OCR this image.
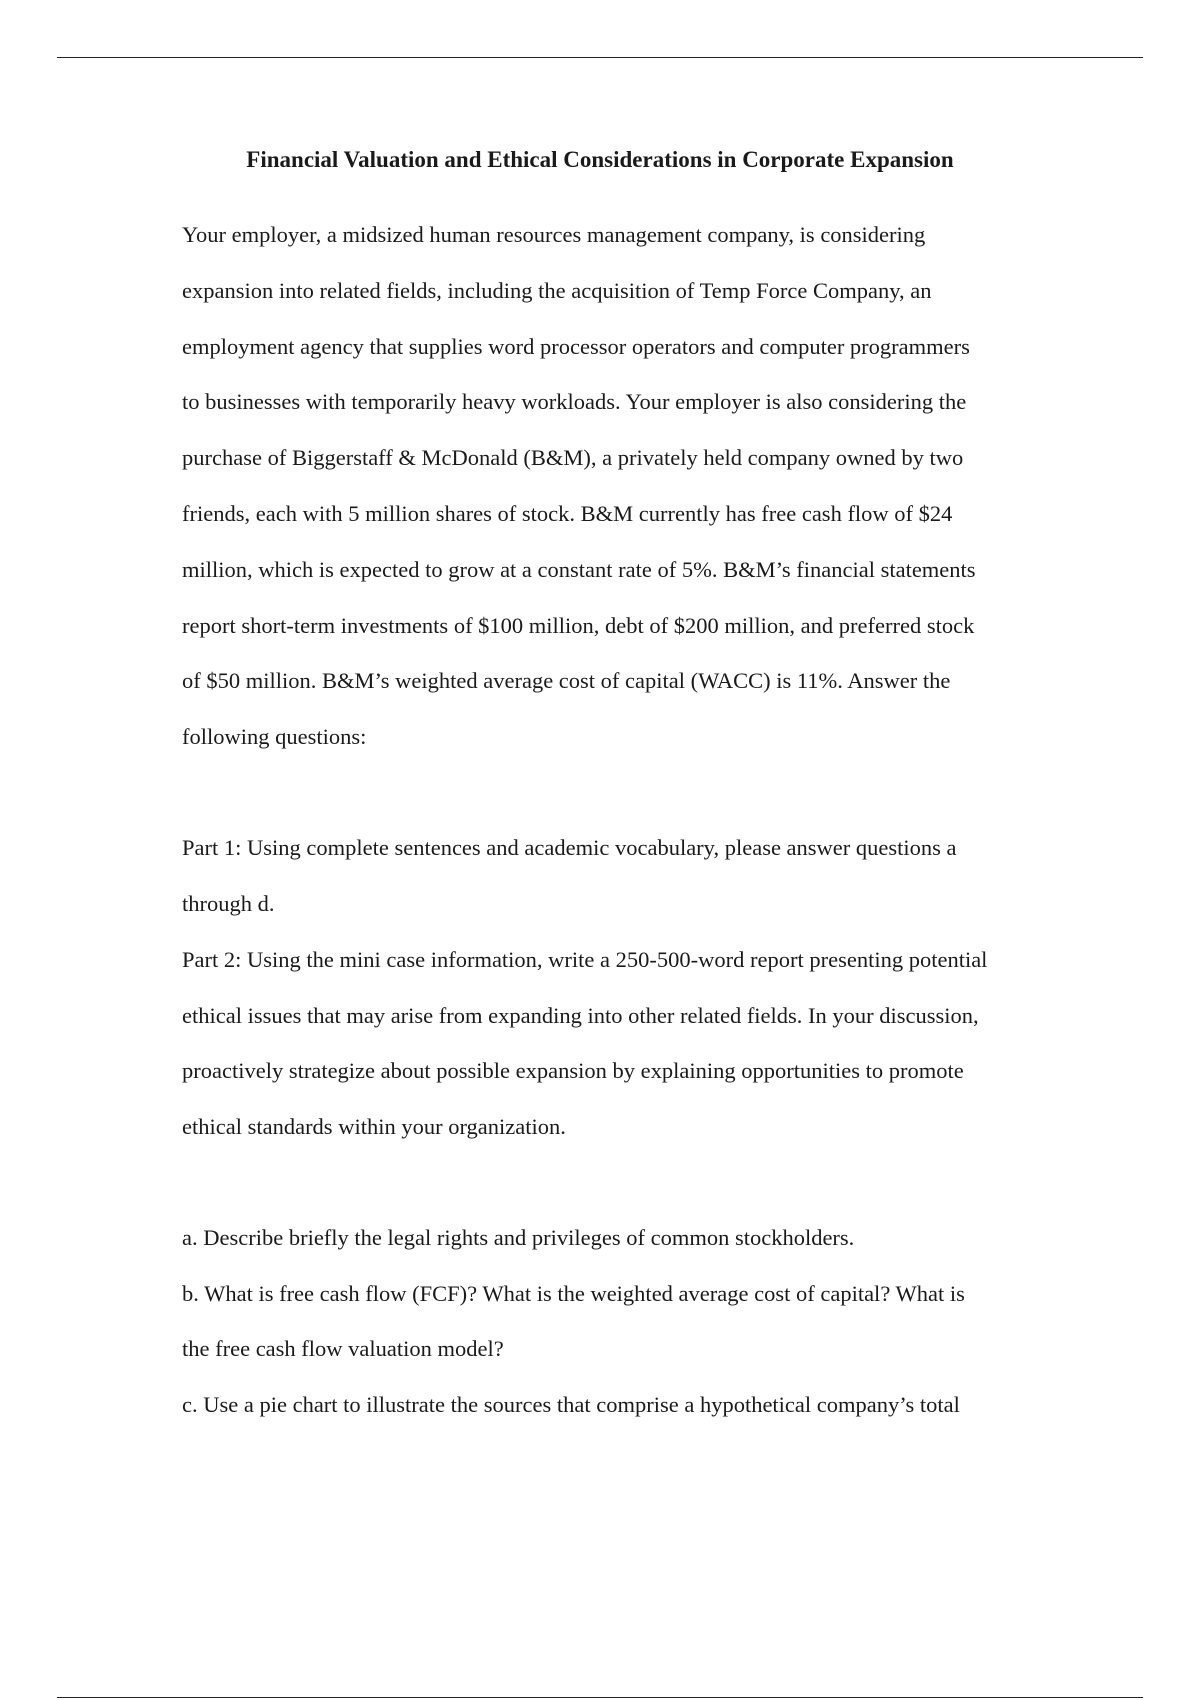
Financial Valuation and Ethical Considerations in Corporate Expansion
Your employer, a midsized human resources management company, is considering
expansion into related fields, including the acquisition of Temp Force Company, an
employment agency that supplies word processor operators and computer programmers
to businesses with temporarily heavy workloads. Your employer is also considering the
purchase of Biggerstaff & McDonald (B&M), a privately held company owned by two
friends, each with 5 million shares of stock. B&M currently has free cash flow of $24
million, which is expected to grow at a constant rate of 5%. B&M’s financial statements
report short-term investments of $100 million, debt of $200 million, and preferred stock
of $50 million. B&M’s weighted average cost of capital (WACC) is 11%. Answer the
following questions:
Part 1: Using complete sentences and academic vocabulary, please answer questions a
through d.
Part 2: Using the mini case information, write a 250-500-word report presenting potential
ethical issues that may arise from expanding into other related fields. In your discussion,
proactively strategize about possible expansion by explaining opportunities to promote
ethical standards within your organization.
a. Describe briefly the legal rights and privileges of common stockholders.
b. What is free cash flow (FCF)? What is the weighted average cost of capital? What is
the free cash flow valuation model?
c. Use a pie chart to illustrate the sources that comprise a hypothetical company’s total
